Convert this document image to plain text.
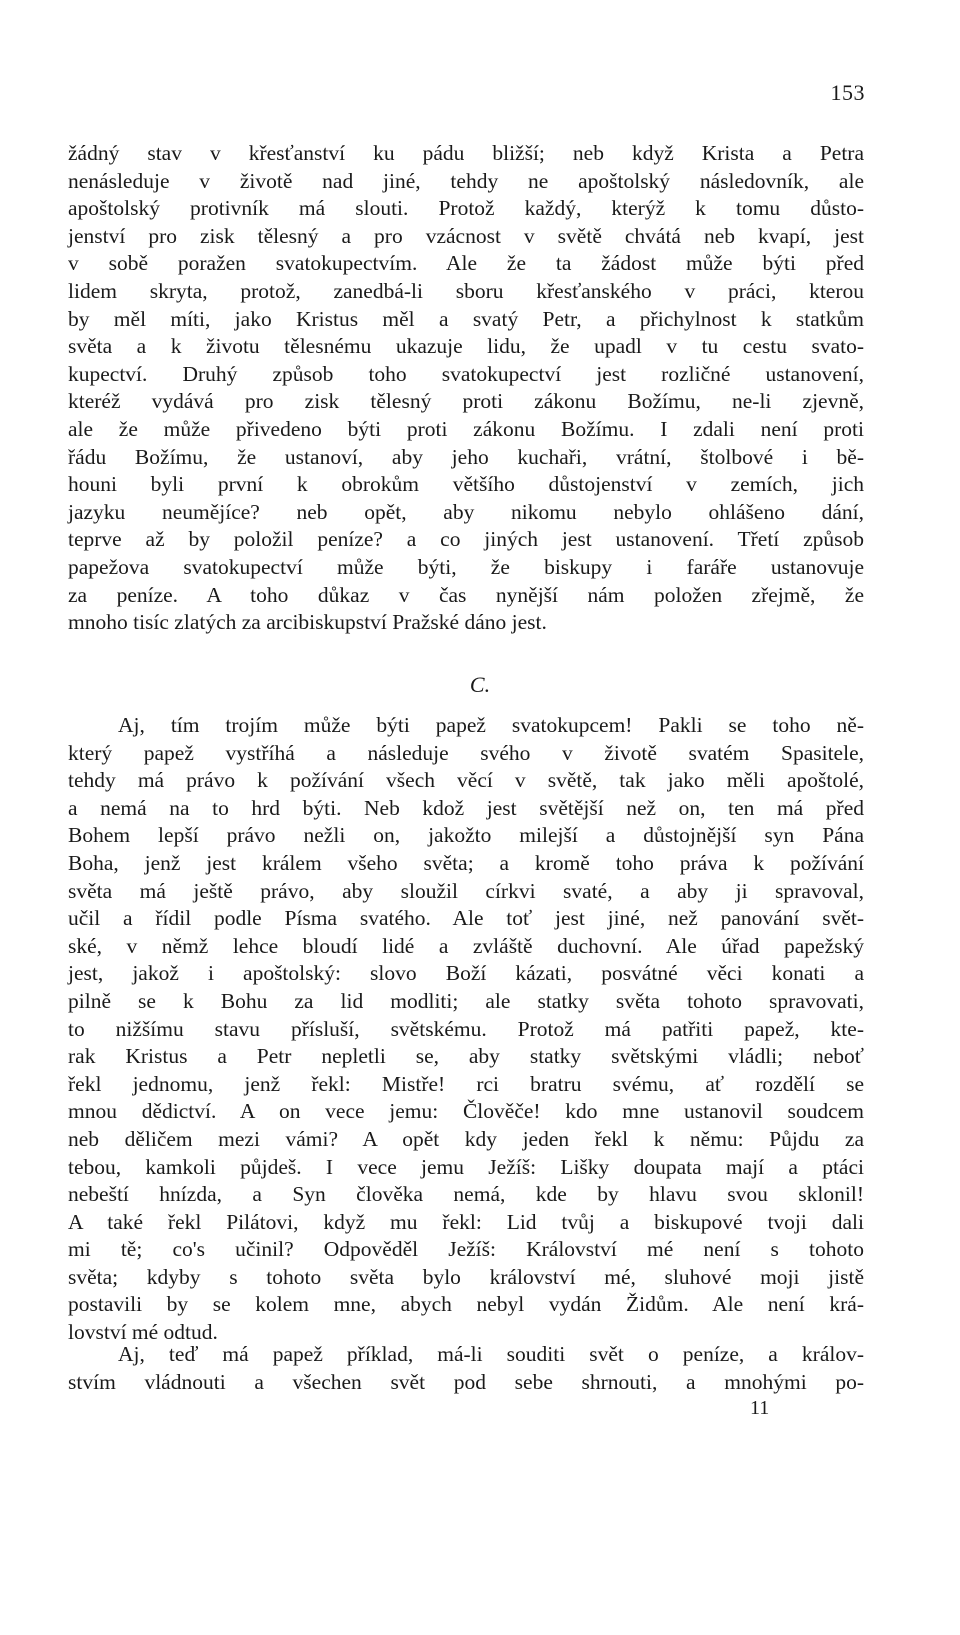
153
žádný stav v křesťanství ku pádu bližší; neb když Krista a Petra
nenásleduje v životě nad jiné, tehdy ne apoštolský následovník, ale
apoštolský protivník má slouti. Protož každý, kterýž k tomu důsto-
jenství pro zisk tělesný a pro vzácnost v světě chvátá neb kvapí, jest
v sobě poražen svatokupectvím. Ale že ta žádost může býti před
lidem skryta, protož, zanedbá-li sboru křesťanského v práci, kterou
by měl míti, jako Kristus měl a svatý Petr, a přichylnost k statkům
světa a k životu tělesnému ukazuje lidu, že upadl v tu cestu svato-
kupectví. Druhý způsob toho svatokupectví jest rozličné ustanovení,
kteréž vydává pro zisk tělesný proti zákonu Božímu, ne-li zjevně,
ale že může přivedeno býti proti zákonu Božímu. I zdali není proti
řádu Božímu, že ustanoví, aby jeho kuchaři, vrátní, štolbové i bě-
houni byli první k obrokům většího důstojenství v zemích, jich
jazyku neumějíce? neb opět, aby nikomu nebylo ohlášeno dání,
teprve až by položil peníze? a co jiných jest ustanovení. Třetí způsob
papežova svatokupectví může býti, že biskupy i faráře ustanovuje
za peníze. A toho důkaz v čas nynější nám položen zřejmě, že
mnoho tisíc zlatých za arcibiskupství Pražské dáno jest.
C.
Aj, tím trojím může býti papež svatokupcem! Pakli se toho ně-
který papež vystříhá a následuje svého v životě svatém Spasitele,
tehdy má právo k požívání všech věcí v světě, tak jako měli apoštolé,
a nemá na to hrd býti. Neb kdož jest světější než on, ten má před
Bohem lepší právo nežli on, jakožto milejší a důstojnější syn Pána
Boha, jenž jest králem všeho světa; a kromě toho práva k požívání
světa má ještě právo, aby sloužil církvi svaté, a aby ji spravoval,
učil a řídil podle Písma svatého. Ale toť jest jiné, než panování svět-
ské, v němž lehce bloudí lidé a zvláště duchovní. Ale úřad papežský
jest, jakož i apoštolský: slovo Boží kázati, posvátné věci konati a
pilně se k Bohu za lid modliti; ale statky světa tohoto spravovati,
to nižšímu stavu přísluší, světskému. Protož má patřiti papež, kte-
rak Kristus a Petr nepletli se, aby statky světskými vládli; neboť
řekl jednomu, jenž řekl: Mistře! rci bratru svému, ať rozdělí se
mnou dědictví. A on vece jemu: Člověče! kdo mne ustanovil soudcem
neb děličem mezi vámi? A opět kdy jeden řekl k němu: Půjdu za
tebou, kamkoli půjdeš. I vece jemu Ježíš: Lišky doupata mají a ptáci
nebeští hnízda, a Syn člověka nemá, kde by hlavu svou sklonil!
A také řekl Pilátovi, když mu řekl: Lid tvůj a biskupové tvoji dali
mi tě; co's učinil? Odpověděl Ježíš: Království mé není s tohoto
světa; kdyby s tohoto světa bylo království mé, sluhové moji jistě
postavili by se kolem mne, abych nebyl vydán Židům. Ale není krá-
lovství mé odtud.
Aj, teď má papež příklad, má-li souditi svět o peníze, a králov-
stvím vládnouti a všechen svět pod sebe shrnouti, a mnohými po-
11
